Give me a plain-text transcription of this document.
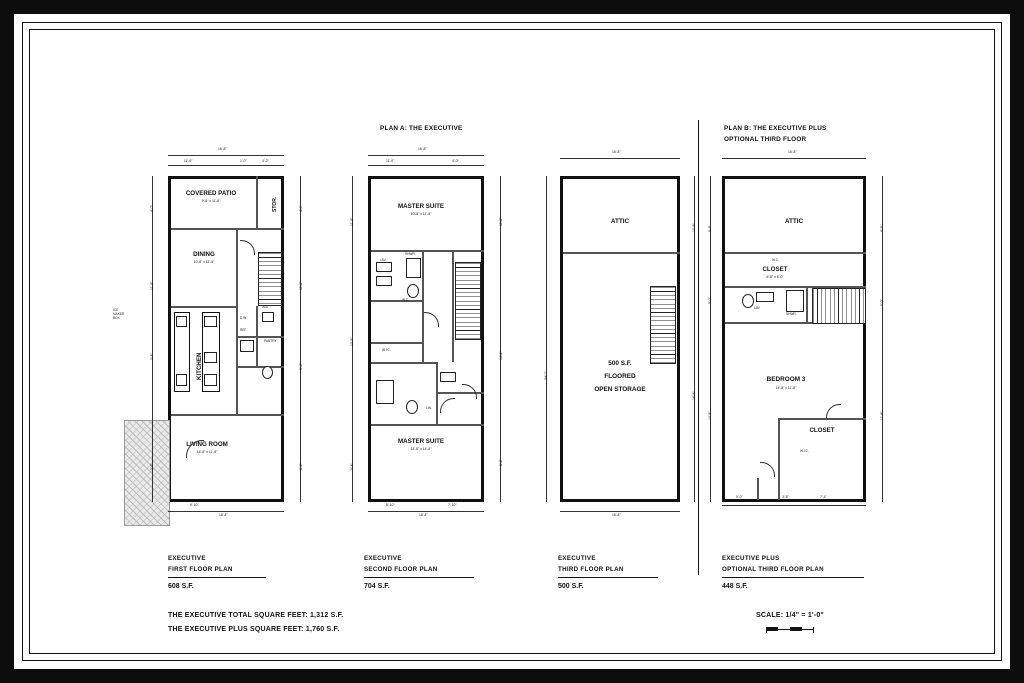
PLAN A: THE EXECUTIVE	PLAN B: THE EXECUTIVE PLUS
OPTIONAL THIRD FLOOR
COVERED PATIO
9'-8" x 11'-8"
DINING
10'-8" x 11'-8"
KITCHEN
LIVING ROOM
14'-8" x 11'-8"
STOR.
ICE MAKER BOX
PANTRY
REF.
D.W.
W/D
16'-8"
11'-6"	1'-0"	4'-2"
16'-8"
9'-10"
4'-0"
11'-8"
3'-4"
3'-6"
4'-0"
11'-8"
9'-4"
3'-6"
MASTER SUITE
10'-8" x 11'-8"
MASTER SUITE
14'-8" x 14'-8"
W.I.C.
LIN.
SHWR.
LAV.
W.C.
16'-8"
11'-0"	4'-0"
16'-8"
8'-10"	7'-10"
11'-8"
13'-8"
9'-4"
11'-8"
14'-8"
8'-8"
ATTIC
500 S.F.
FLOORED
OPEN STORAGE
16'-8"
16'-8"
34'-0"
13'-8"
16'-8"
ATTIC
CLOSET
6'-8" x 5'-0"
BEDROOM 3
14'-8" x 11'-8"
CLOSET
W.C.
LAV.
SHWR.
W.I.C.
16'-8"
5'-0"	3'-8"	7'-4"
8'-8"
5'-0"
13'-8"
8'-8"
5'-0"
11'-8"
EXECUTIVE
FIRST FLOOR PLAN
608 S.F.
EXECUTIVE
SECOND FLOOR PLAN
704 S.F.
EXECUTIVE
THIRD FLOOR PLAN
500 S.F.
EXECUTIVE PLUS
OPTIONAL THIRD FLOOR PLAN
448 S.F.
THE EXECUTIVE TOTAL SQUARE FEET: 1,312 S.F.
THE EXECUTIVE PLUS SQUARE FEET: 1,760 S.F.
SCALE: 1/4" = 1'-0"
